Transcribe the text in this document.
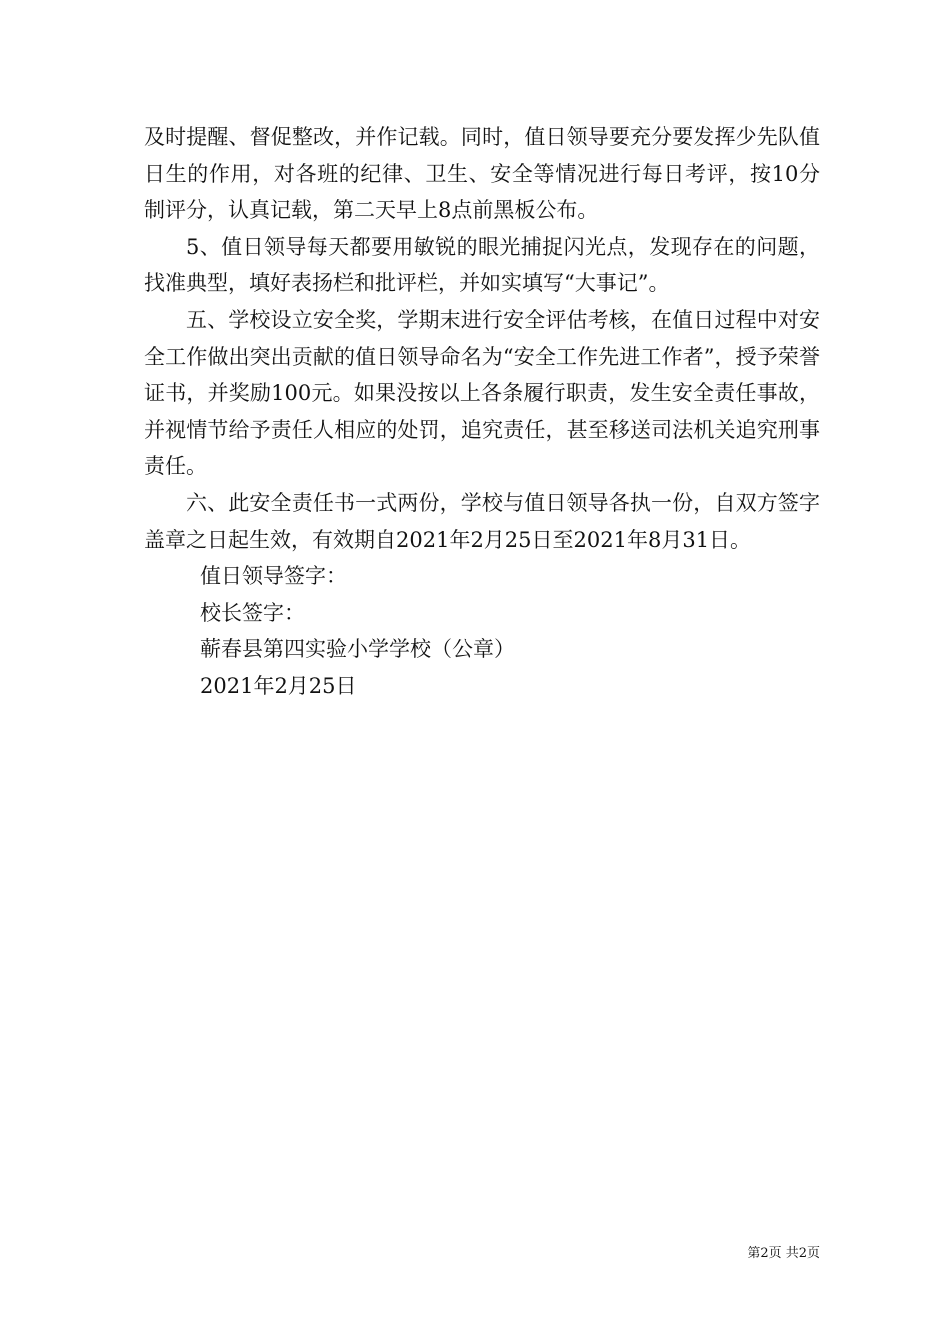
及时提醒、督促整改，并作记载。同时，值日领导要充分要发挥少先队值日生的作用，对各班的纪律、卫生、安全等情况进行每日考评，按10分制评分，认真记载，第二天早上8点前黑板公布。

5、值日领导每天都要用敏锐的眼光捕捉闪光点，发现存在的问题，找准典型，填好表扬栏和批评栏，并如实填写“大事记”。

五、学校设立安全奖，学期末进行安全评估考核，在值日过程中对安全工作做出突出贡献的值日领导命名为“安全工作先进工作者”，授予荣誉证书，并奖励100元。如果没按以上各条履行职责，发生安全责任事故，并视情节给予责任人相应的处罚，追究责任，甚至移送司法机关追究刑事责任。

六、此安全责任书一式两份，学校与值日领导各执一份，自双方签字盖章之日起生效，有效期自2021年2月25日至2021年8月31日。

值日领导签字：

校长签字：

蕲春县第四实验小学学校（公章）

2021年2月25日

第2页 共2页
